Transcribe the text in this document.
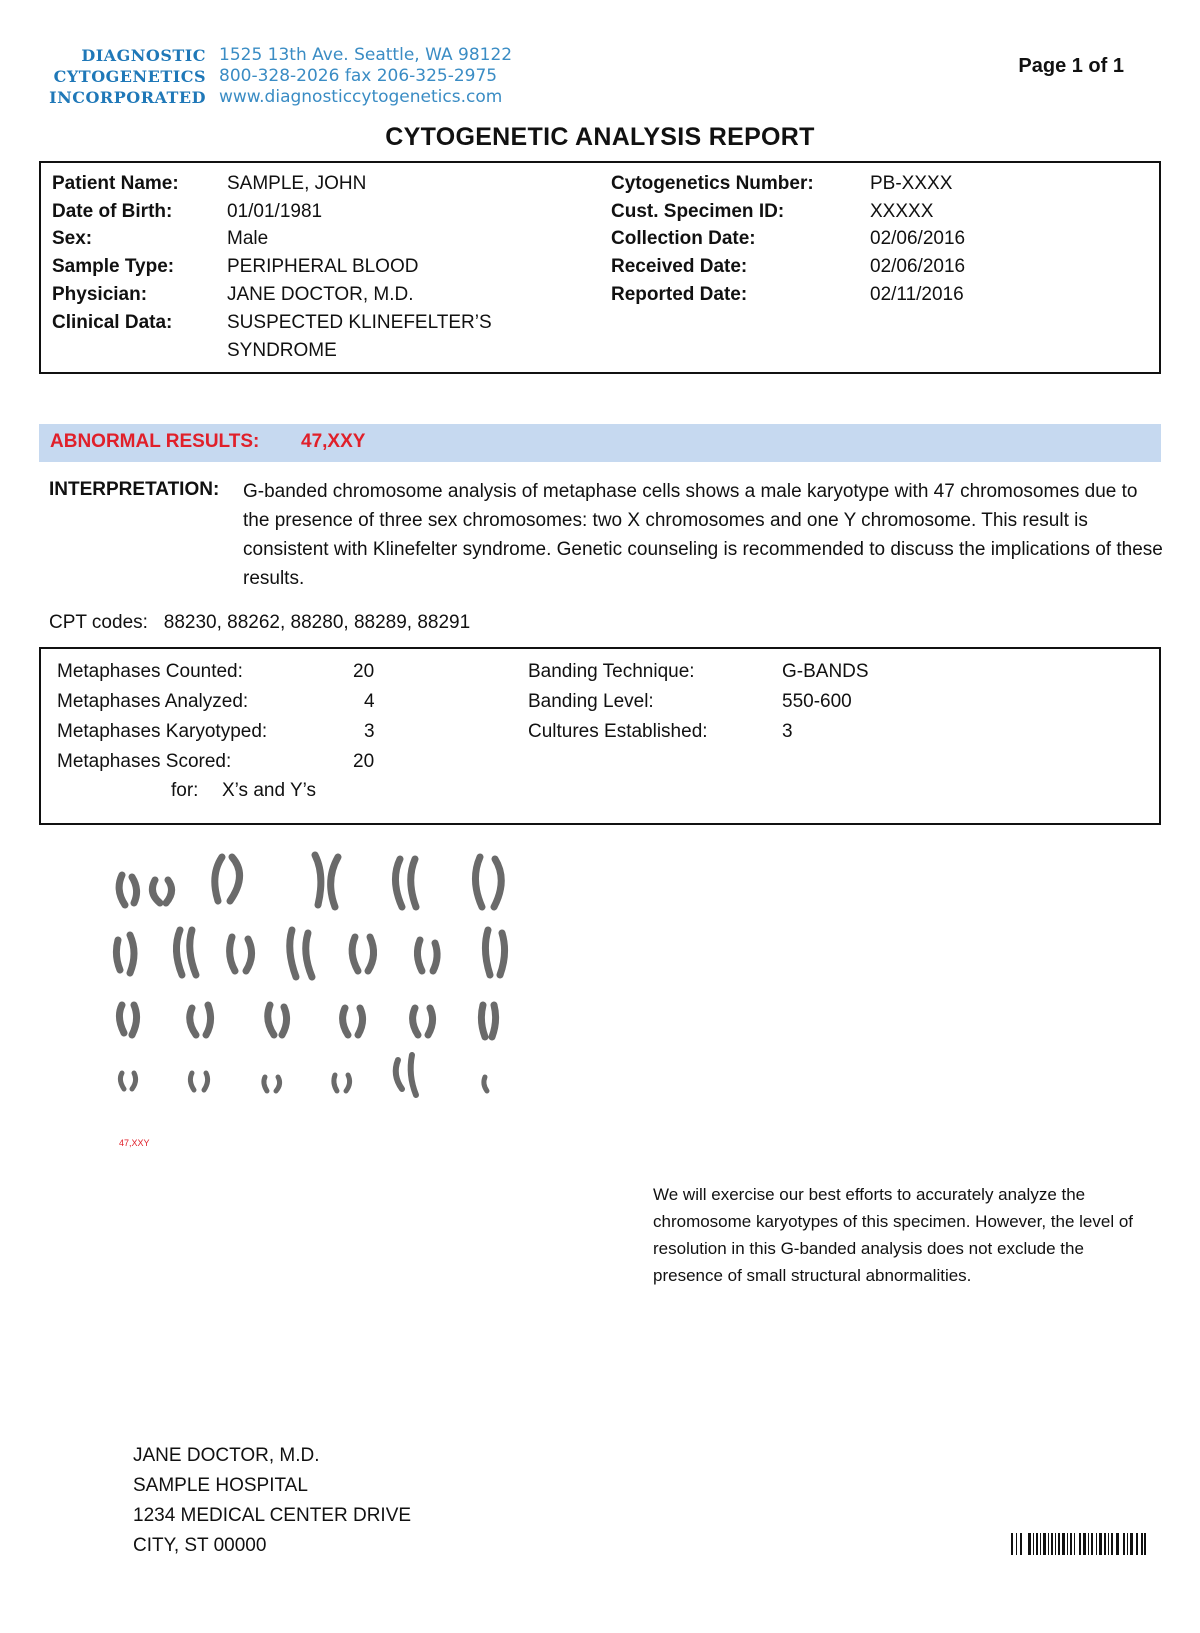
DIAGNOSTIC
CYTOGENETICS
INCORPORATED
1525 13th Ave. Seattle, WA 98122
800-328-2026 fax 206-325-2975
www.diagnosticcytogenetics.com
Page 1 of 1
CYTOGENETIC ANALYSIS REPORT
Patient Name:	SAMPLE, JOHN
Date of Birth:	01/01/1981
Sex:	Male
Sample Type:	PERIPHERAL BLOOD
Physician:	JANE DOCTOR, M.D.
Clinical Data:	SUSPECTED KLINEFELTER’S
SYNDROME
Cytogenetics Number:	PB-XXXX
Cust. Specimen ID:	XXXXX
Collection Date:	02/06/2016
Received Date:	02/06/2016
Reported Date:	02/11/2016
ABNORMAL RESULTS: 47,XXY
INTERPRETATION: G-banded chromosome analysis of metaphase cells shows a male karyotype with 47 chromosomes due to the presence of three sex chromosomes: two X chromosomes and one Y chromosome. This result is consistent with Klinefelter syndrome. Genetic counseling is recommended to discuss the implications of these results.
CPT codes: 88230, 88262, 88280, 88289, 88291
Metaphases Counted:	20
Metaphases Analyzed:	4
Metaphases Karyotyped:	3
Metaphases Scored:	20
for: X’s and Y’s
Banding Technique:	G-BANDS
Banding Level:	550-600
Cultures Established:	3
47,XXY
We will exercise our best efforts to accurately analyze the chromosome karyotypes of this specimen. However, the level of resolution in this G-banded analysis does not exclude the presence of small structural abnormalities.
JANE DOCTOR, M.D.
SAMPLE HOSPITAL
1234 MEDICAL CENTER DRIVE
CITY, ST 00000
